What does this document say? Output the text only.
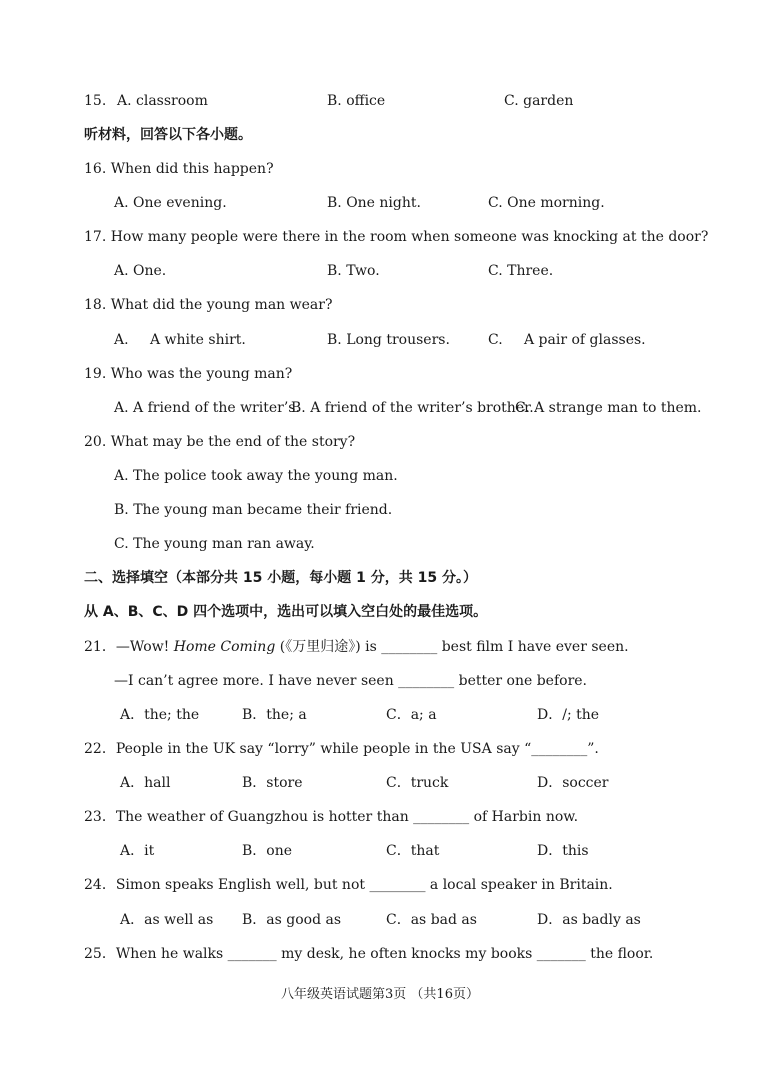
15. A. classroom	B. office	C. garden
听材料，回答以下各小题。
16. When did this happen?
A. One evening.	B. One night.	C. One morning.
17. How many people were there in the room when someone was knocking at the door?
A. One.	B. Two.	C. Three.
18. What did the young man wear?
A. A white shirt.	B. Long trousers.	C. A pair of glasses.
19. Who was the young man?
A. A friend of the writer’s.
B. A friend of the writer’s brother.
C. A strange man to them.
20. What may be the end of the story?
A. The police took away the young man.
B. The young man became their friend.
C. The young man ran away.
二、选择填空（本部分共 15 小题，每小题 1 分，共 15 分。）
从 A、B、C、D 四个选项中，选出可以填入空白处的最佳选项。
21．—Wow! Home Coming (《万里归途》) is ________ best film I have ever seen.
—I can’t agree more. I have never seen ________ better one before.
A．the; the	B．the; a	C．a; a	D．/; the
22．People in the UK say “lorry” while people in the USA say “________”.
A．hall	B．store	C．truck	D．soccer
23．The weather of Guangzhou is hotter than ________ of Harbin now.
A．it	B．one	C．that	D．this
24．Simon speaks English well, but not ________ a local speaker in Britain.
A．as well as B．as good as	C．as bad as	D．as badly as
25．When he walks _______ my desk, he often knocks my books _______ the floor.
八年级英语试题第3页 （共16页）
